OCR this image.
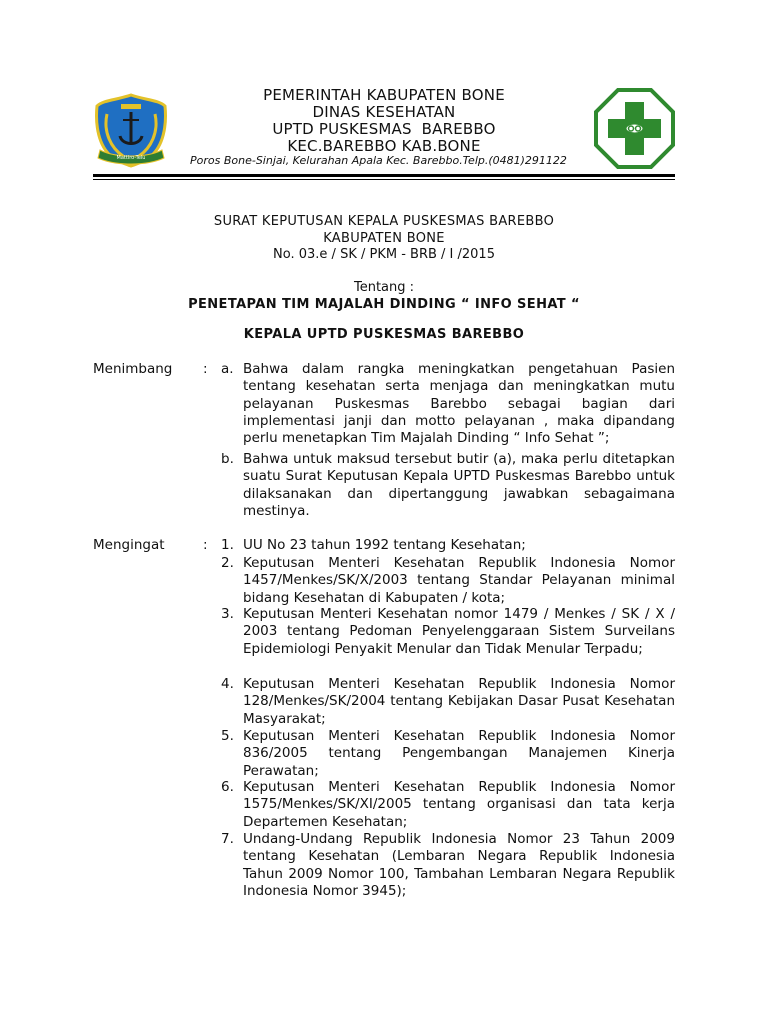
Mattiro-Telu
PEMERINTAH KABUPATEN BONE
DINAS KESEHATAN
UPTD PUSKESMAS  BAREBBO
KEC.BAREBBO KAB.BONE
Poros Bone-Sinjai, Kelurahan Apala Kec. Barebbo.Telp.(0481)291122
SURAT KEPUTUSAN KEPALA PUSKESMAS BAREBBO
KABUPATEN BONE
No. 03.e / SK / PKM - BRB / I /2015
Tentang :
PENETAPAN TIM MAJALAH DINDING “ INFO SEHAT “
KEPALA UPTD PUSKESMAS BAREBBO
Menimbang : a. Bahwa dalam rangka meningkatkan pengetahuan Pasien tentang kesehatan serta menjaga dan meningkatkan mutu pelayanan Puskesmas Barebbo sebagai bagian dari implementasi janji dan motto pelayanan , maka dipandang perlu menetapkan Tim Majalah Dinding “ Info Sehat ”;
b. Bahwa untuk maksud tersebut butir (a), maka perlu ditetapkan suatu Surat Keputusan Kepala UPTD Puskesmas Barebbo untuk dilaksanakan dan dipertanggung jawabkan sebagaimana mestinya.
Mengingat	: 1. UU No 23 tahun 1992 tentang Kesehatan;
2. Keputusan Menteri Kesehatan Republik Indonesia Nomor 1457/Menkes/SK/X/2003 tentang Standar Pelayanan minimal bidang Kesehatan di Kabupaten / kota;
3. Keputusan Menteri Kesehatan nomor 1479 / Menkes / SK / X / 2003 tentang Pedoman Penyelenggaraan Sistem Surveilans Epidemiologi Penyakit Menular dan Tidak Menular Terpadu;
4. Keputusan Menteri Kesehatan Republik Indonesia Nomor 128/Menkes/SK/2004 tentang Kebijakan Dasar Pusat Kesehatan Masyarakat;
5. Keputusan Menteri Kesehatan Republik Indonesia Nomor 836/2005 tentang Pengembangan Manajemen Kinerja Perawatan;
6. Keputusan Menteri Kesehatan Republik Indonesia Nomor 1575/Menkes/SK/XI/2005 tentang organisasi dan tata kerja Departemen Kesehatan;
7. Undang-Undang Republik Indonesia Nomor 23 Tahun 2009 tentang Kesehatan (Lembaran Negara Republik Indonesia Tahun 2009 Nomor 100, Tambahan Lembaran Negara Republik Indonesia Nomor 3945);
